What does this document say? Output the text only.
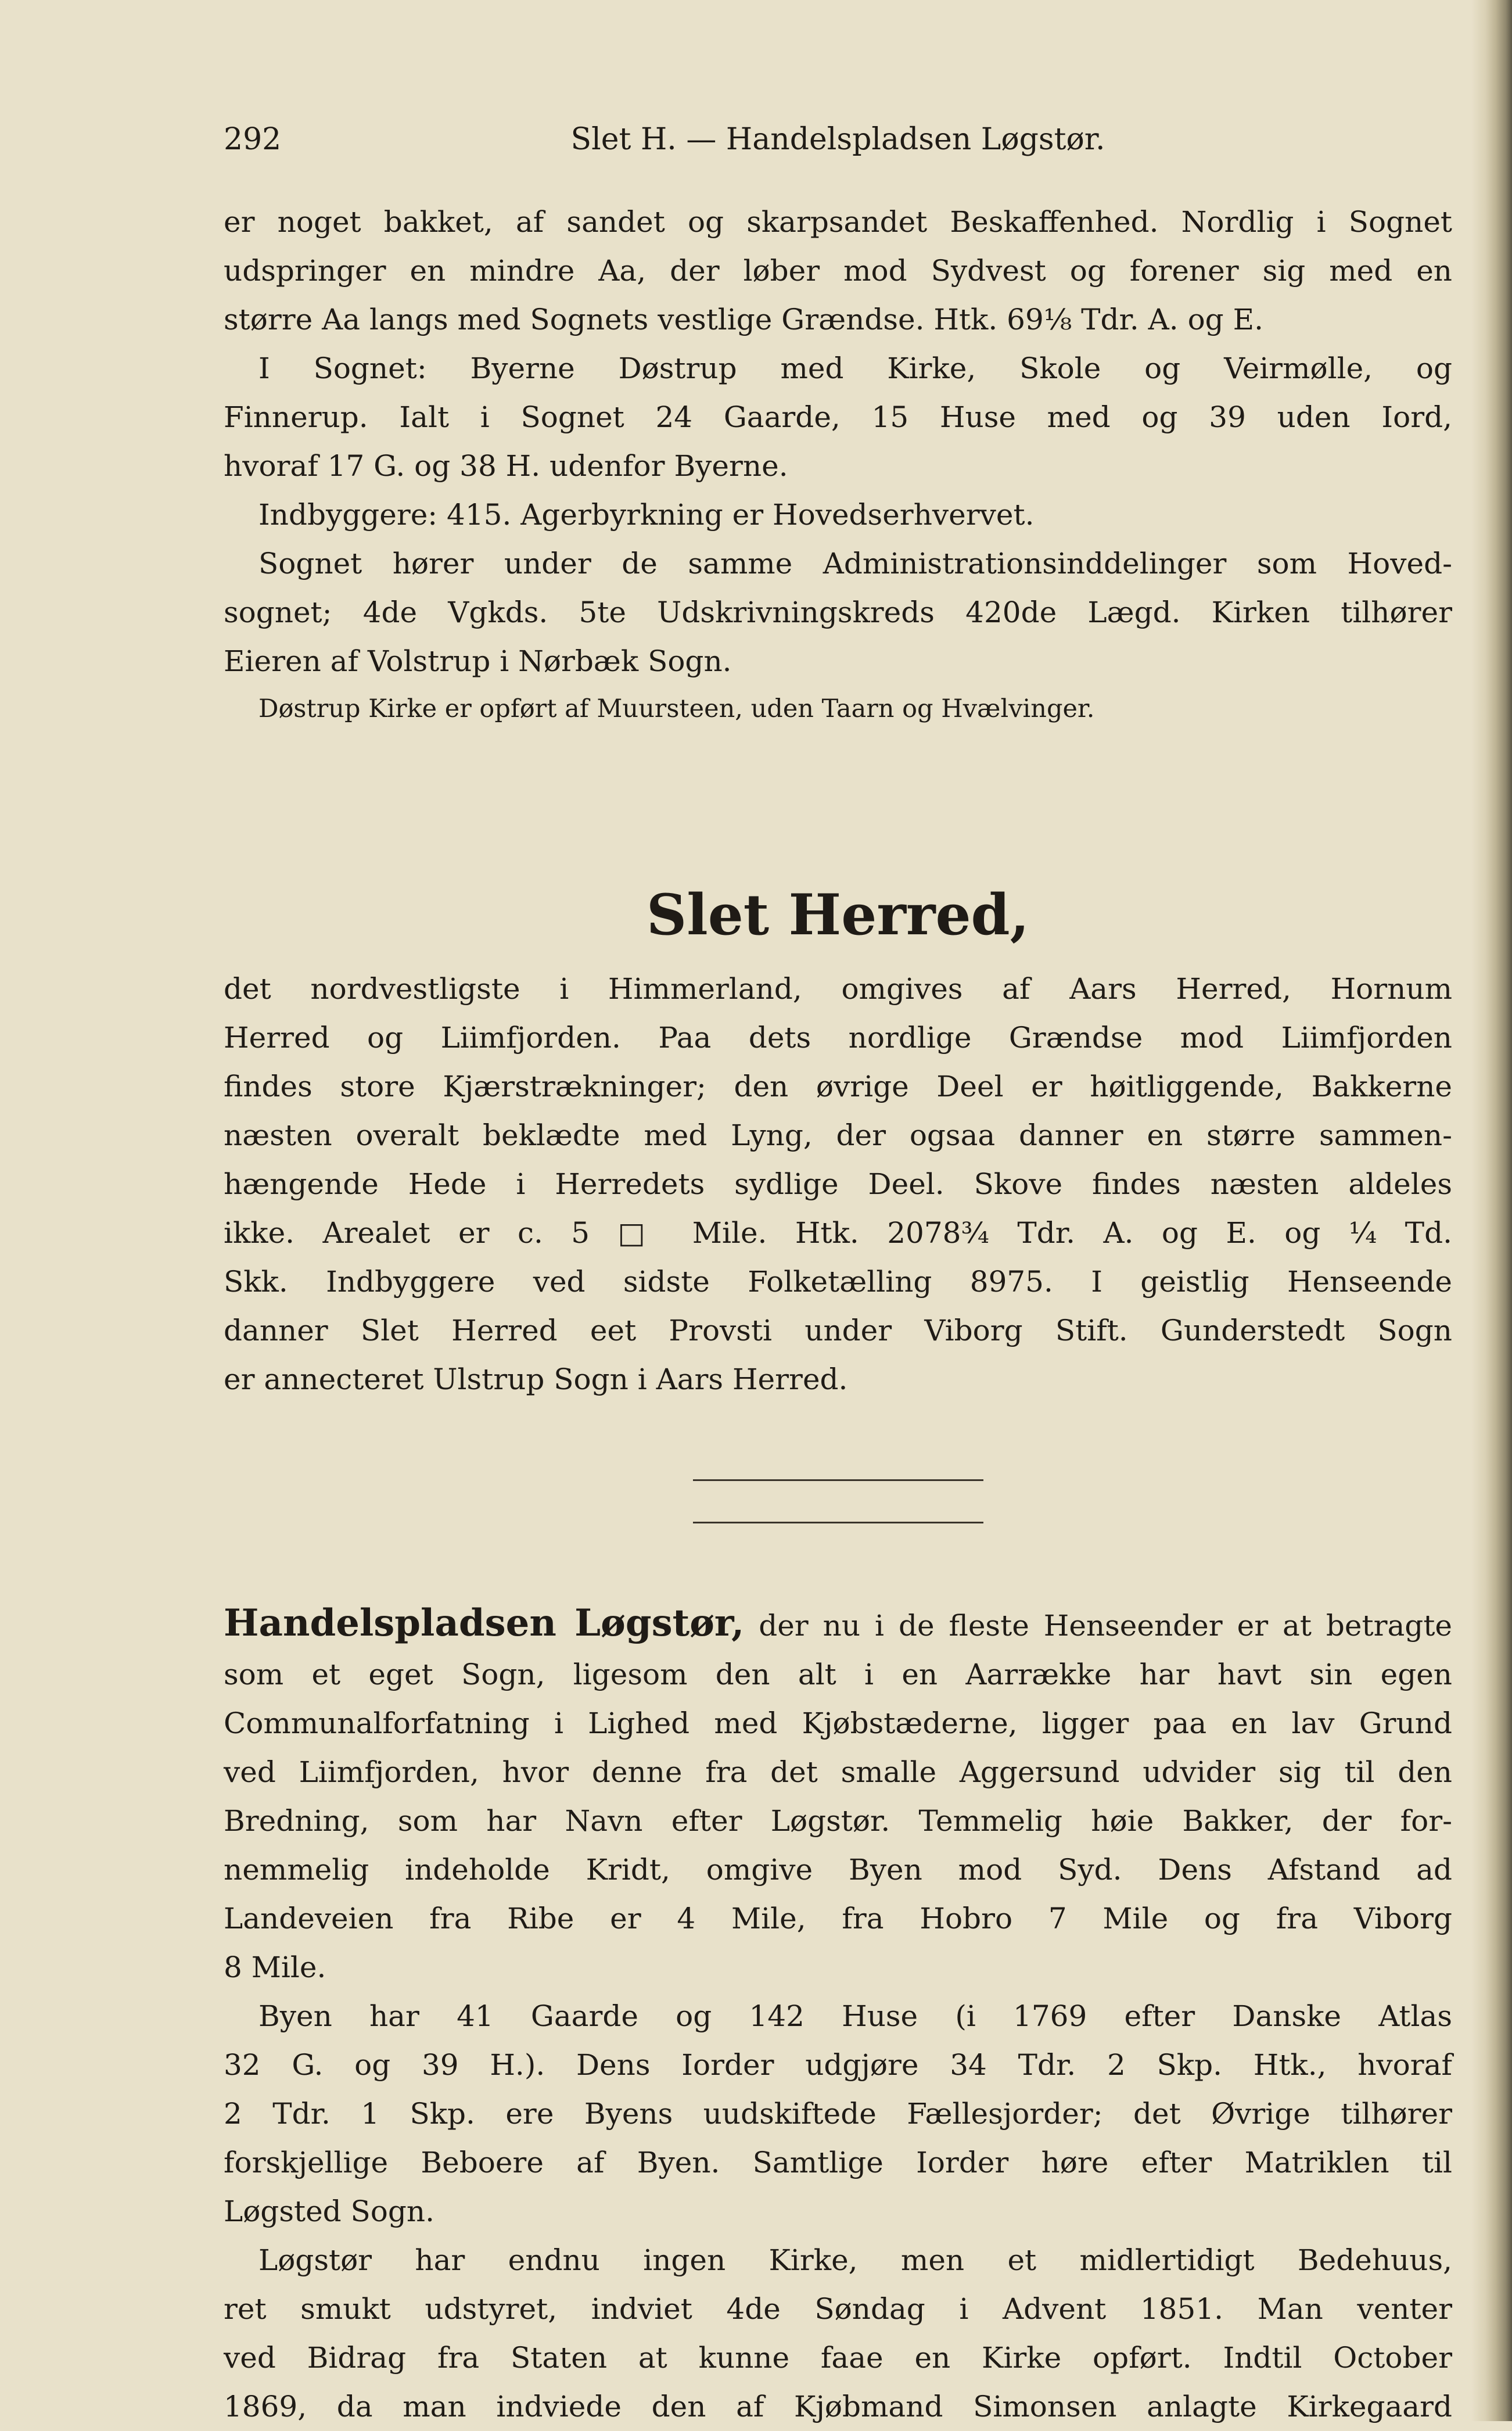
292	Slet H. — Handelspladsen Løgstør.

er noget bakket, af sandet og skarpsandet Beskaffenhed. Nordlig i Sognet

udspringer en mindre Aa, der løber mod Sydvest og forener sig med en

større Aa langs med Sognets vestlige Grændse. Htk. 69⅛ Tdr. A. og E.

I Sognet: Byerne Døstrup med Kirke, Skole og Veirmølle, og

Finnerup. Ialt i Sognet 24 Gaarde, 15 Huse med og 39 uden Iord,

hvoraf 17 G. og 38 H. udenfor Byerne.

Indbyggere: 415. Agerbyrkning er Hovedserhvervet.

Sognet hører under de samme Administrationsinddelinger som Hoved-

sognet; 4de Vgkds. 5te Udskrivningskreds 420de Lægd. Kirken tilhører

Eieren af Volstrup i Nørbæk Sogn.

Døstrup Kirke er opført af Muursteen, uden Taarn og Hvælvinger.

Slet Herred,

det nordvestligste i Himmerland, omgives af Aars Herred, Hornum

Herred og Liimfjorden. Paa dets nordlige Grændse mod Liimfjorden

findes store Kjærstrækninger; den øvrige Deel er høitliggende, Bakkerne

næsten overalt beklædte med Lyng, der ogsaa danner en større sammen-

hængende Hede i Herredets sydlige Deel. Skove findes næsten aldeles

ikke. Arealet er c. 5 □ Mile. Htk. 2078¾ Tdr. A. og E. og ¼ Td.

Skk. Indbyggere ved sidste Folketælling 8975. I geistlig Henseende

danner Slet Herred eet Provsti under Viborg Stift. Gunderstedt Sogn

er annecteret Ulstrup Sogn i Aars Herred.

Handelspladsen Løgstør, der nu i de fleste Henseender er at betragte

som et eget Sogn, ligesom den alt i en Aarrække har havt sin egen

Communalforfatning i Lighed med Kjøbstæderne, ligger paa en lav Grund

ved Liimfjorden, hvor denne fra det smalle Aggersund udvider sig til den

Bredning, som har Navn efter Løgstør. Temmelig høie Bakker, der for-

nemmelig indeholde Kridt, omgive Byen mod Syd. Dens Afstand ad

Landeveien fra Ribe er 4 Mile, fra Hobro 7 Mile og fra Viborg

8 Mile.

Byen har 41 Gaarde og 142 Huse (i 1769 efter Danske Atlas

32 G. og 39 H.). Dens Iorder udgjøre 34 Tdr. 2 Skp. Htk., hvoraf

2 Tdr. 1 Skp. ere Byens uudskiftede Fællesjorder; det Øvrige tilhører

forskjellige Beboere af Byen. Samtlige Iorder høre efter Matriklen til

Løgsted Sogn.

Løgstør har endnu ingen Kirke, men et midlertidigt Bedehuus,

ret smukt udstyret, indviet 4de Søndag i Advent 1851. Man venter

ved Bidrag fra Staten at kunne faae en Kirke opført. Indtil October

1869, da man indviede den af Kjøbmand Simonsen anlagte Kirkegaard
